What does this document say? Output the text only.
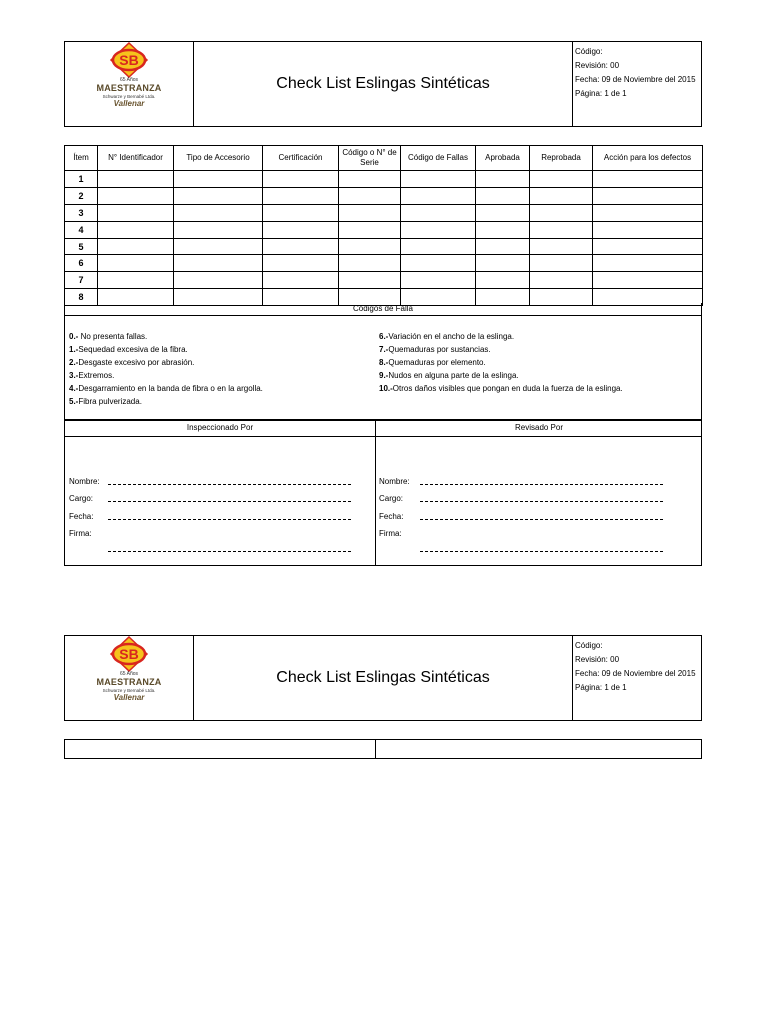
SB
65 Años
MAESTRANZA
Schwarze y Bernabé Ltda.
Vallenar
Check List Eslingas Sintéticas
Código:
Revisión: 00
Fecha: 09 de Noviembre del 2015
Página: 1 de 1
Ítem	N° Identificador	Tipo de Accesorio	Certificación	Código o N° de Serie	Código de Fallas	Aprobada	Reprobada	Acción para los defectos
1								
2								
3								
4								
5								
6								
7								
8								
Códigos de Falla
0.- No presenta fallas.
1.-Sequedad excesiva de la fibra.
2.-Desgaste excesivo por abrasión.
3.-Extremos.
4.-Desgarramiento en la banda de fibra o en la argolla.
5.-Fibra pulverizada.
6.-Variación en el ancho de la eslinga.
7.-Quemaduras por sustancias.
8.-Quemaduras por elemento.
9.-Nudos en alguna parte de la eslinga.
10.-Otros daños visibles que pongan en duda la fuerza de la eslinga.
Inspeccionado Por	Revisado Por
Nombre:
Cargo:
Fecha:
Firma:
Nombre:
Cargo:
Fecha:
Firma:
SB
65 Años
MAESTRANZA
Schwarze y Bernabé Ltda.
Vallenar
Check List Eslingas Sintéticas
Código:
Revisión: 00
Fecha: 09 de Noviembre del 2015
Página: 1 de 1
